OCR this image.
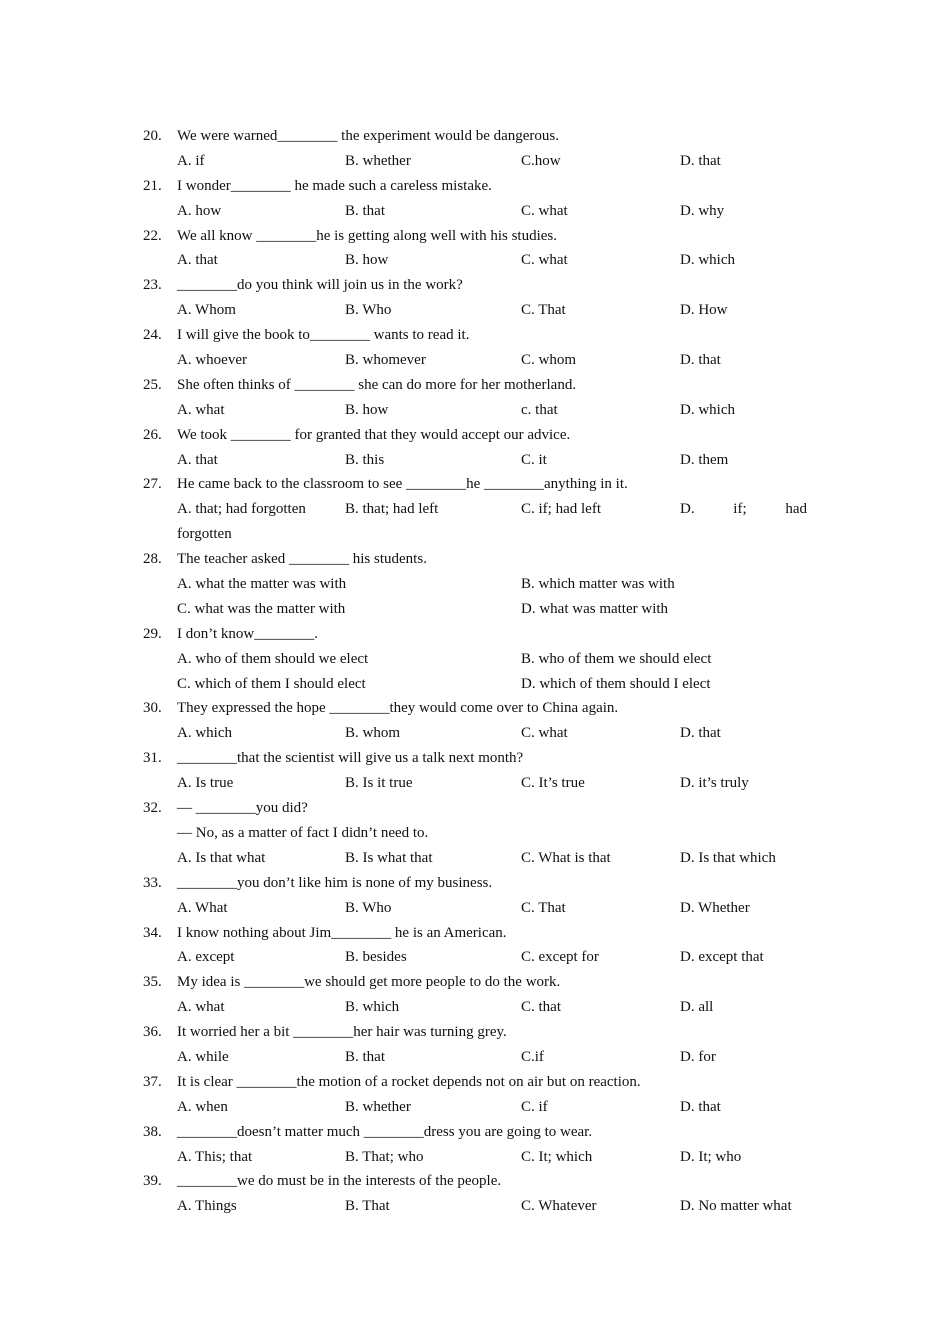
20. We were warned________ the experiment would be dangerous.
A. if	B. whether	C.how	D. that
21. I wonder________ he made such a careless mistake.
A. how	B. that	C. what	D. why
22. We all know ________he is getting along well with his studies.
A. that	B. how	C. what	D. which
23. ________do you think will join us in the work?
A. Whom	B. Who	C. That	D. How
24. I will give the book to________ wants to read it.
A. whoever	B. whomever	C. whom	D. that
25. She often thinks of ________ she can do more for her motherland.
A. what	B. how	c. that	D. which
26. We took ________ for granted that they would accept our advice.
A. that	B. this	C. it	D. them
27. He came back to the classroom to see ________he ________anything in it.
A. that; had forgotten	B. that; had left	C. if; had left	D.	if;	had
forgotten
28. The teacher asked ________ his students.
A. what the matter was with	B. which matter was with
C. what was the matter with	D. what was matter with
29. I don’t know________.
A. who of them should we elect	B. who of them we should elect
C. which of them I should elect	D. which of them should I elect
30. They expressed the hope ________they would come over to China again.
A. which	B. whom	C. what	D. that
31. ________that the scientist will give us a talk next month?
A. Is true	B. Is it true	C. It’s true	D. it’s truly
32. — ________you did?
— No, as a matter of fact I didn’t need to.
A. Is that what	B. Is what that	C. What is that	D. Is that which
33. ________you don’t like him is none of my business.
A. What	B. Who	C. That	D. Whether
34. I know nothing about Jim________ he is an American.
A. except	B. besides	C. except for	D. except that
35. My idea is ________we should get more people to do the work.
A. what	B. which	C. that	D. all
36. It worried her a bit ________her hair was turning grey.
A. while	B. that	C.if	D. for
37. It is clear ________the motion of a rocket depends not on air but on reaction.
A. when	B. whether	C. if	D. that
38. ________doesn’t matter much ________dress you are going to wear.
A. This; that	B. That; who	C. It; which	D. It; who
39. ________we do must be in the interests of the people.
A. Things	B. That	C. Whatever	D. No matter what
